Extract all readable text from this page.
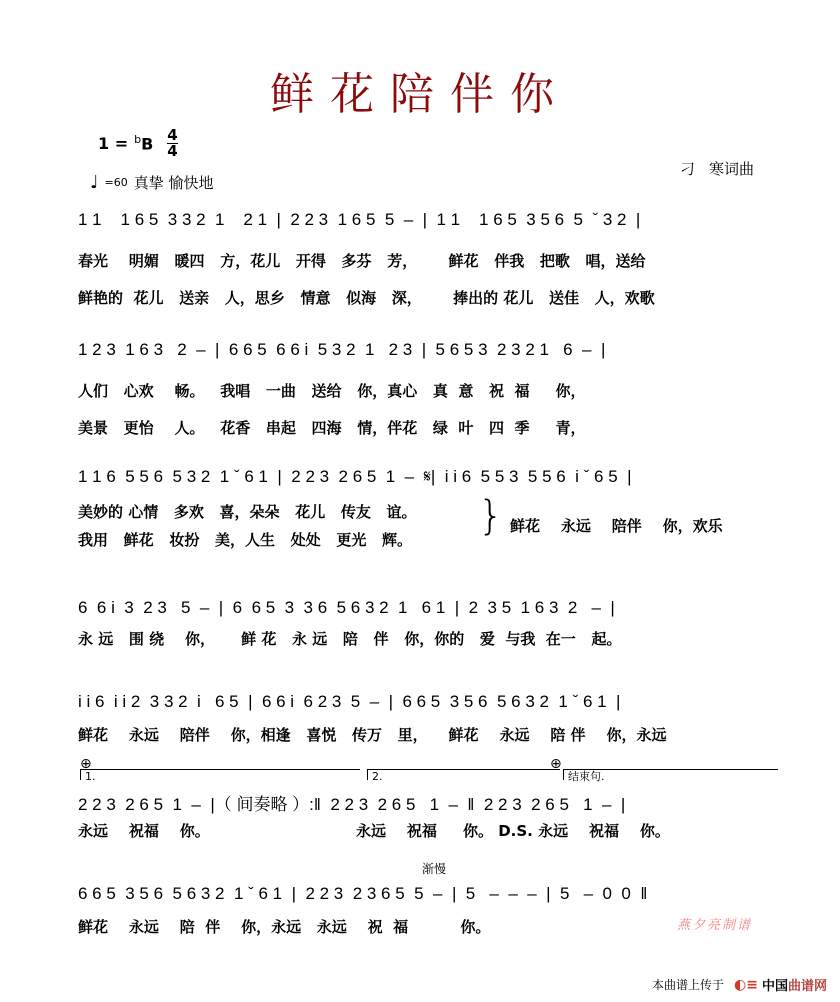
鲜花陪伴你
$1 = ^bB \frac{4}{4}$
♩ =60 真挚 愉快地
刁 寒词曲
1 1    1 6 5  3 3 2  1    2 1  |  2 2 3  1 6 5  5  –  |  1 1    1 6 5  3 5 6  5  ˇ 3 2  |
春光    明媚   暖四   方，花儿   开得   多芬   芳，      鲜花   伴我   把歌   唱，送给
鲜艳的  花儿   送亲   人，思乡   情意   似海   深，      捧出的 花儿   送佳   人，欢歌
1 2 3  1 6 3   2  –  |  6 6 5  6 6 i  5 3 2  1   2 3  |  5 6 5 3  2 3 2 1   6  –  |
人们   心欢    畅。   我唱   一曲   送给   你，真心   真  意   祝  福     你，
美景   更怡    人。   花香   串起   四海   情，伴花   绿  叶   四  季     青，
1 1 6  5 5 6  5 3 2  1 ˇ 6 1  |  2 2 3  2 6 5  1  –  𝄋|  i i 6  5 5 3  5 5 6  i ˇ 6 5  |
美妙的 心情   多欢   喜，朵朵   花儿   传友   谊。
我用   鲜花   妆扮   美，人生   处处   更光   辉。
} 鲜花    永远    陪伴    你，欢乐
6  6 i  3  2 3   5  –  |  6  6 5  3  3 6  5 6 3 2  1   6 1  |  2  3 5  1 6 3  2   –  |
永 远   围 绕    你，     鲜 花   永 远   陪   伴   你，你的   爱  与我  在一   起。
i i 6  i i 2  3 3 2  i   6 5  |  6 6 i  6 2 3  5  –  |  6 6 5  3 5 6  5 6 3 2  1 ˇ 6 1  |
鲜花    永远    陪伴    你，相逢   喜悦   传万   里，    鲜花    永远    陪 伴    你，永远
⊕	⊕
1.	2.	结束句.
2 2 3  2 6 5  1  –  |（ 间奏略 ）:‖  2 2 3  2 6 5   1  –  ‖  2 2 3  2 6 5   1  –  |
永远    祝福    你。                            永远    祝福     你。 D.S. 永远    祝福    你。
渐慢
6 6 5  3 5 6  5 6 3 2  1 ˇ 6 1  |  2 2 3  2 3 6 5  5  –  |  5   –  –  –  |  5   –  0  0  ‖
鲜花    永远    陪  伴    你，永远   永远    祝  福          你。	燕夕亮制谱
本曲谱上传于 ◐≡ 中国曲谱网
